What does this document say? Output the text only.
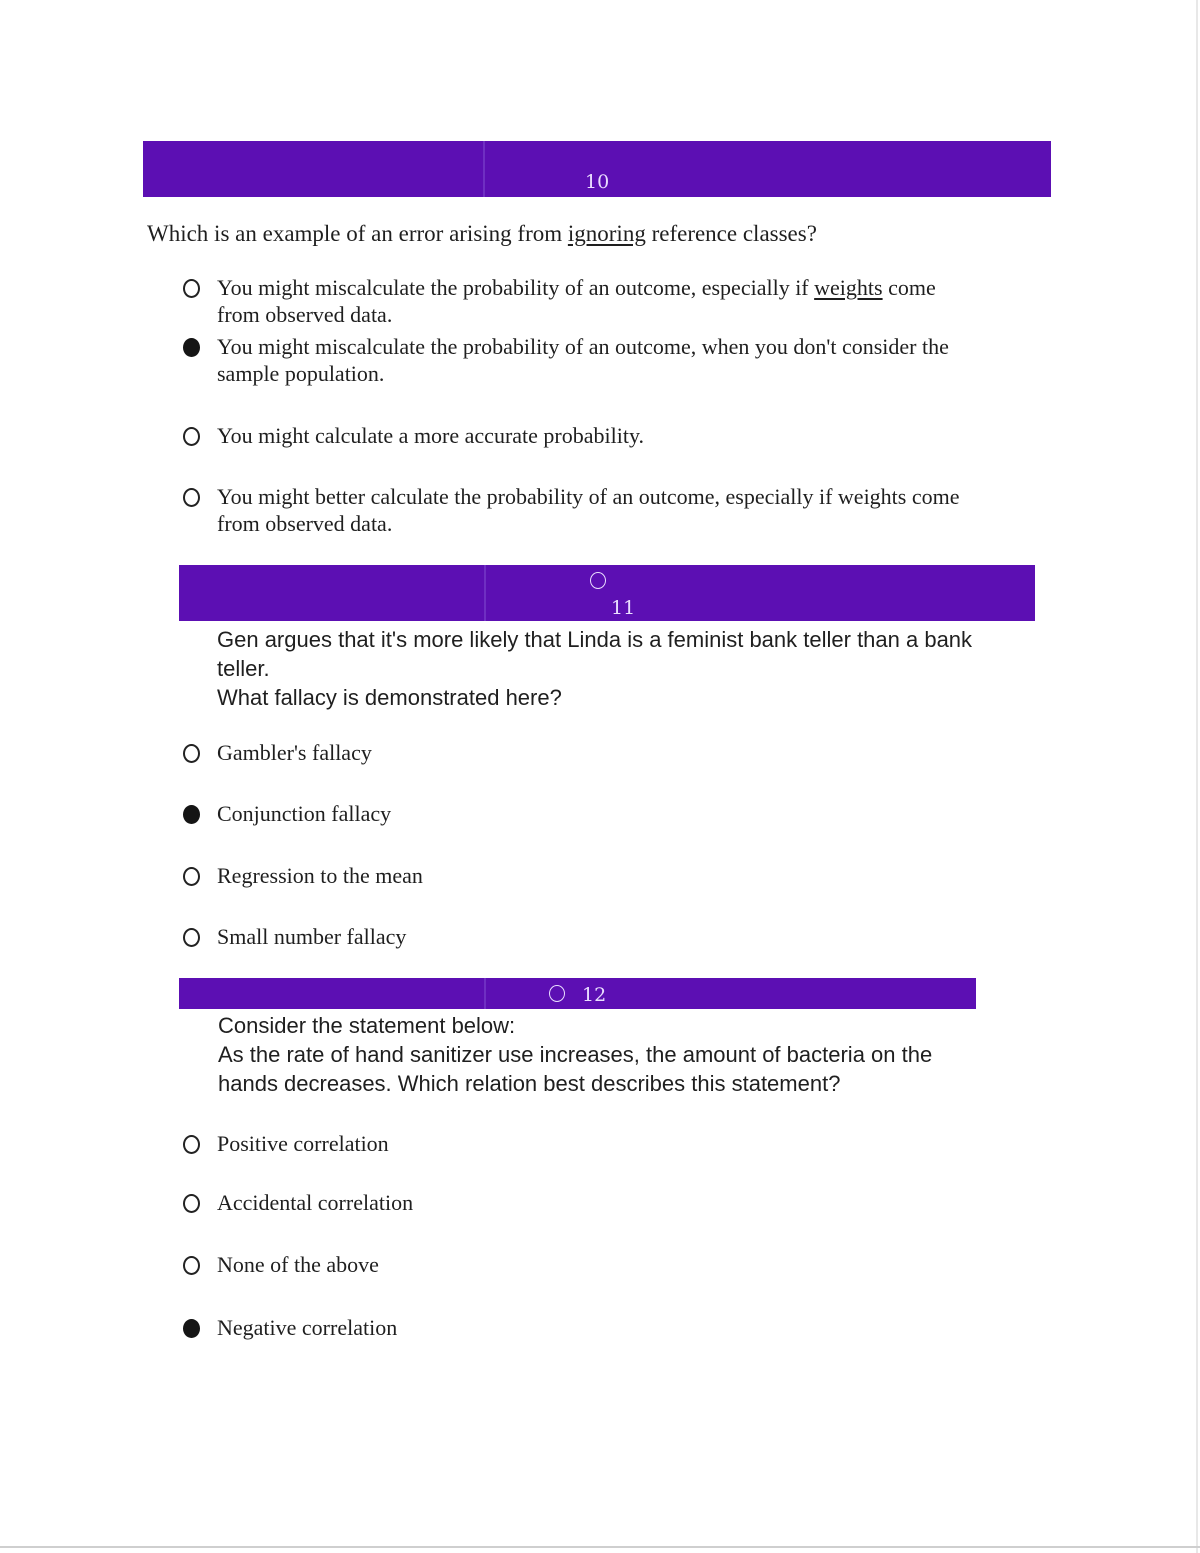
10
Which is an example of an error arising from ignoring reference classes?
You might miscalculate the probability of an outcome, especially if weights come
from observed data.
You might miscalculate the probability of an outcome, when you don't consider the
sample population.
You might calculate a more accurate probability.
You might better calculate the probability of an outcome, especially if weights come
from observed data.
11
Gen argues that it's more likely that Linda is a feminist bank teller than a bank
teller.
What fallacy is demonstrated here?
Gambler's fallacy
Conjunction fallacy
Regression to the mean
Small number fallacy
12
Consider the statement below:
As the rate of hand sanitizer use increases, the amount of bacteria on the
hands decreases. Which relation best describes this statement?
Positive correlation
Accidental correlation
None of the above
Negative correlation
